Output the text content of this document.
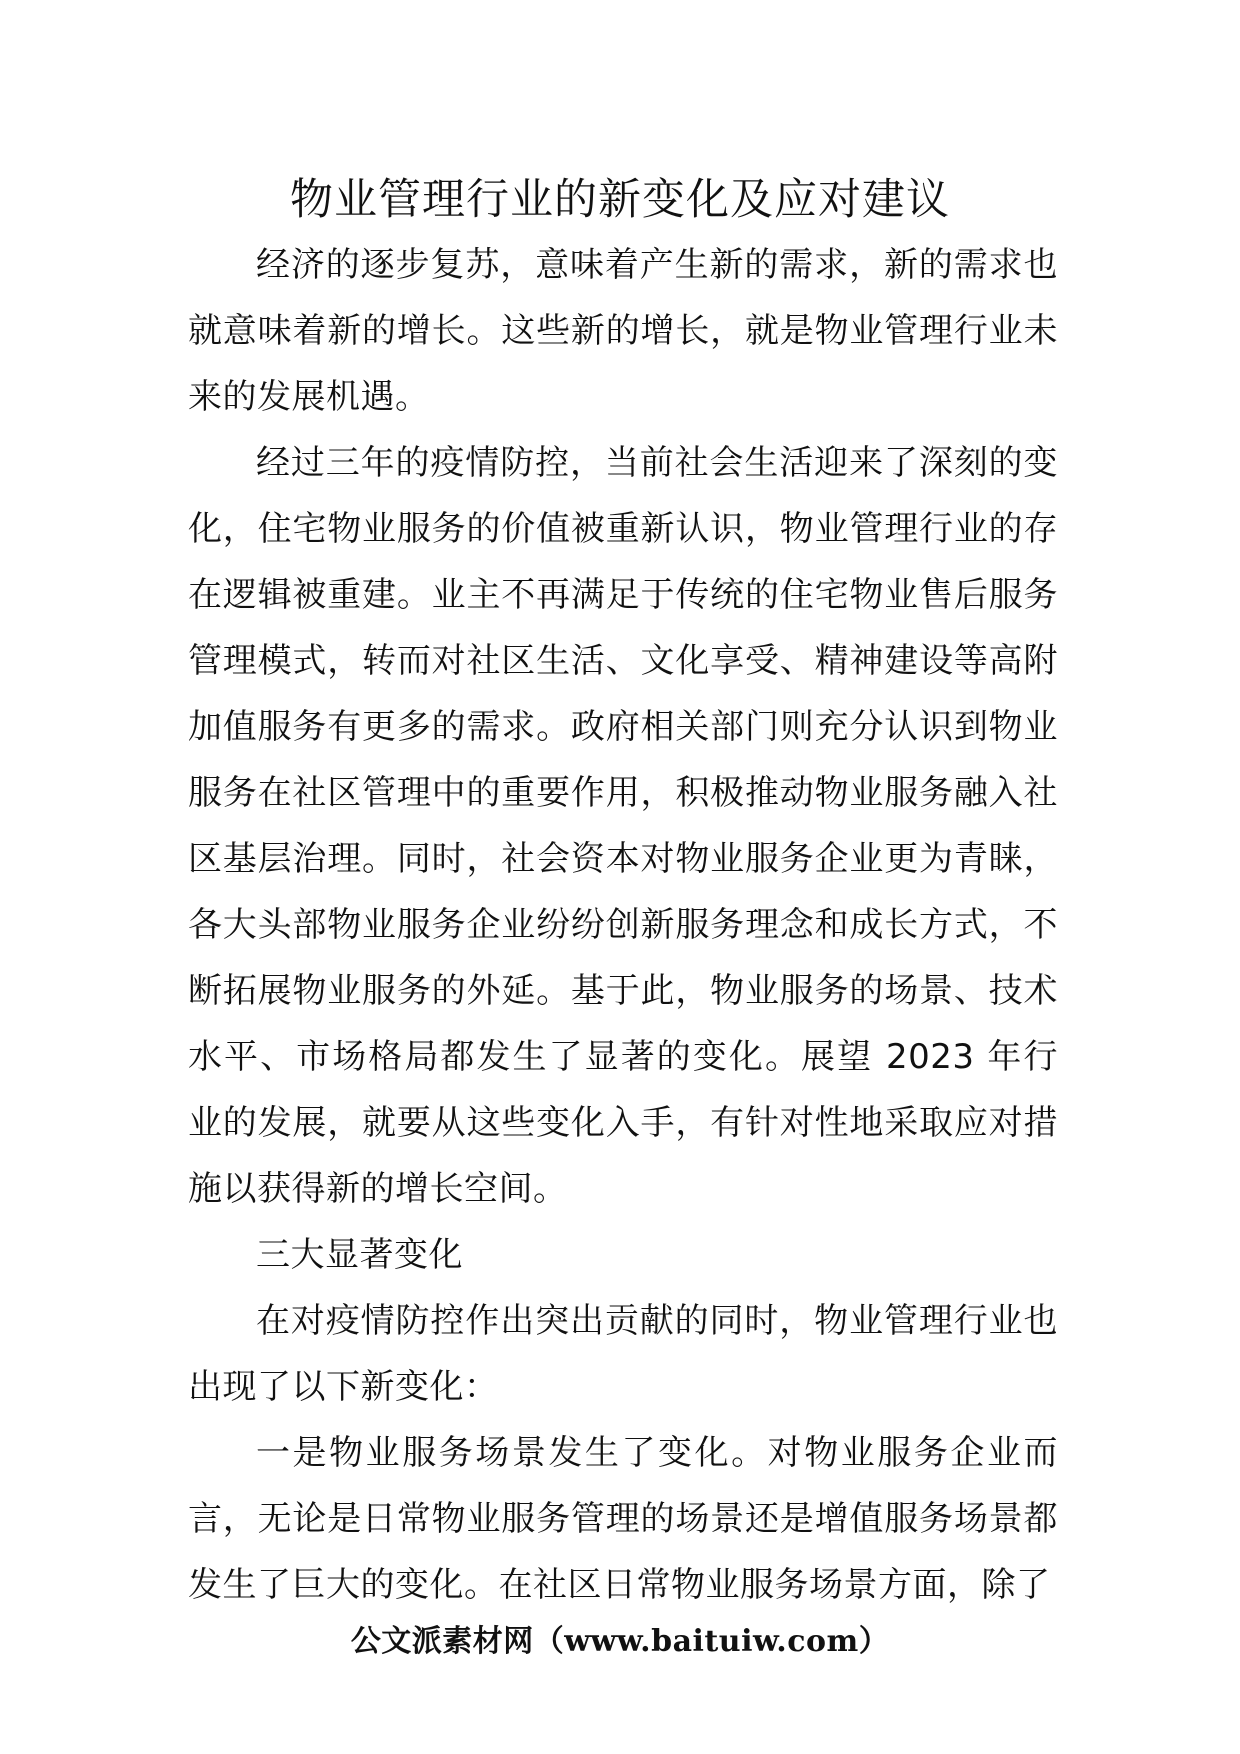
物业管理行业的新变化及应对建议

经济的逐步复苏，意味着产生新的需求，新的需求也就意味着新的增长。这些新的增长，就是物业管理行业未来的发展机遇。

经过三年的疫情防控，当前社会生活迎来了深刻的变化，住宅物业服务的价值被重新认识，物业管理行业的存在逻辑被重建。业主不再满足于传统的住宅物业售后服务管理模式，转而对社区生活、文化享受、精神建设等高附加值服务有更多的需求。政府相关部门则充分认识到物业服务在社区管理中的重要作用，积极推动物业服务融入社区基层治理。同时，社会资本对物业服务企业更为青睐，各大头部物业服务企业纷纷创新服务理念和成长方式，不断拓展物业服务的外延。基于此，物业服务的场景、技术水平、市场格局都发生了显著的变化。展望 2023 年行业的发展，就要从这些变化入手，有针对性地采取应对措施以获得新的增长空间。

三大显著变化

在对疫情防控作出突出贡献的同时，物业管理行业也出现了以下新变化：

一是物业服务场景发生了变化。对物业服务企业而言，无论是日常物业服务管理的场景还是增值服务场景都发生了巨大的变化。在社区日常物业服务场景方面，除了

公文派素材网（www.baituiw.com）
